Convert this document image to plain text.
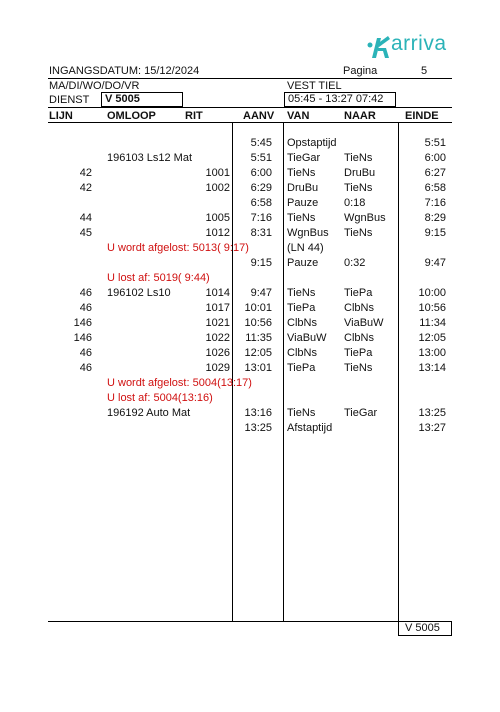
arriva
INGANGSDATUM: 15/12/2024	Pagina	5
MA/DI/WO/DO/VR	VEST TIEL
DIENST V 5005	05:45 - 13:27 07:42
LIJN	OMLOOP	RIT	AANV VAN	NAAR	EINDE
5:45 Opstaptijd	5:51
196103 Ls12 Mat	5:51 TieGar TieNs	6:00
42	1001	6:00 TieNs	DruBu	6:27
42	1002	6:29 DruBu TieNs	6:58
6:58 Pauze 0:18	7:16
44	1005	7:16 TieNs	WgnBus	8:29
45	1012	8:31 WgnBus TieNs	9:15
U wordt afgelost: 5013( 9:17)	(LN 44)
9:15 Pauze 0:32	9:47
U lost af: 5019( 9:44)
46 196102 Ls10	1014	9:47 TieNs	TiePa	10:00
46	1017	10:01 TiePa	ClbNs	10:56
146	1021	10:56 ClbNs ViaBuW	11:34
146	1022	11:35 ViaBuW ClbNs	12:05
46	1026	12:05 ClbNs TiePa	13:00
46	1029	13:01 TiePa	TieNs	13:14
U wordt afgelost: 5004(13:17)
U lost af: 5004(13:16)
196192 Auto Mat	13:16 TieNs	TieGar	13:25
13:25 Afstaptijd	13:27
V 5005
